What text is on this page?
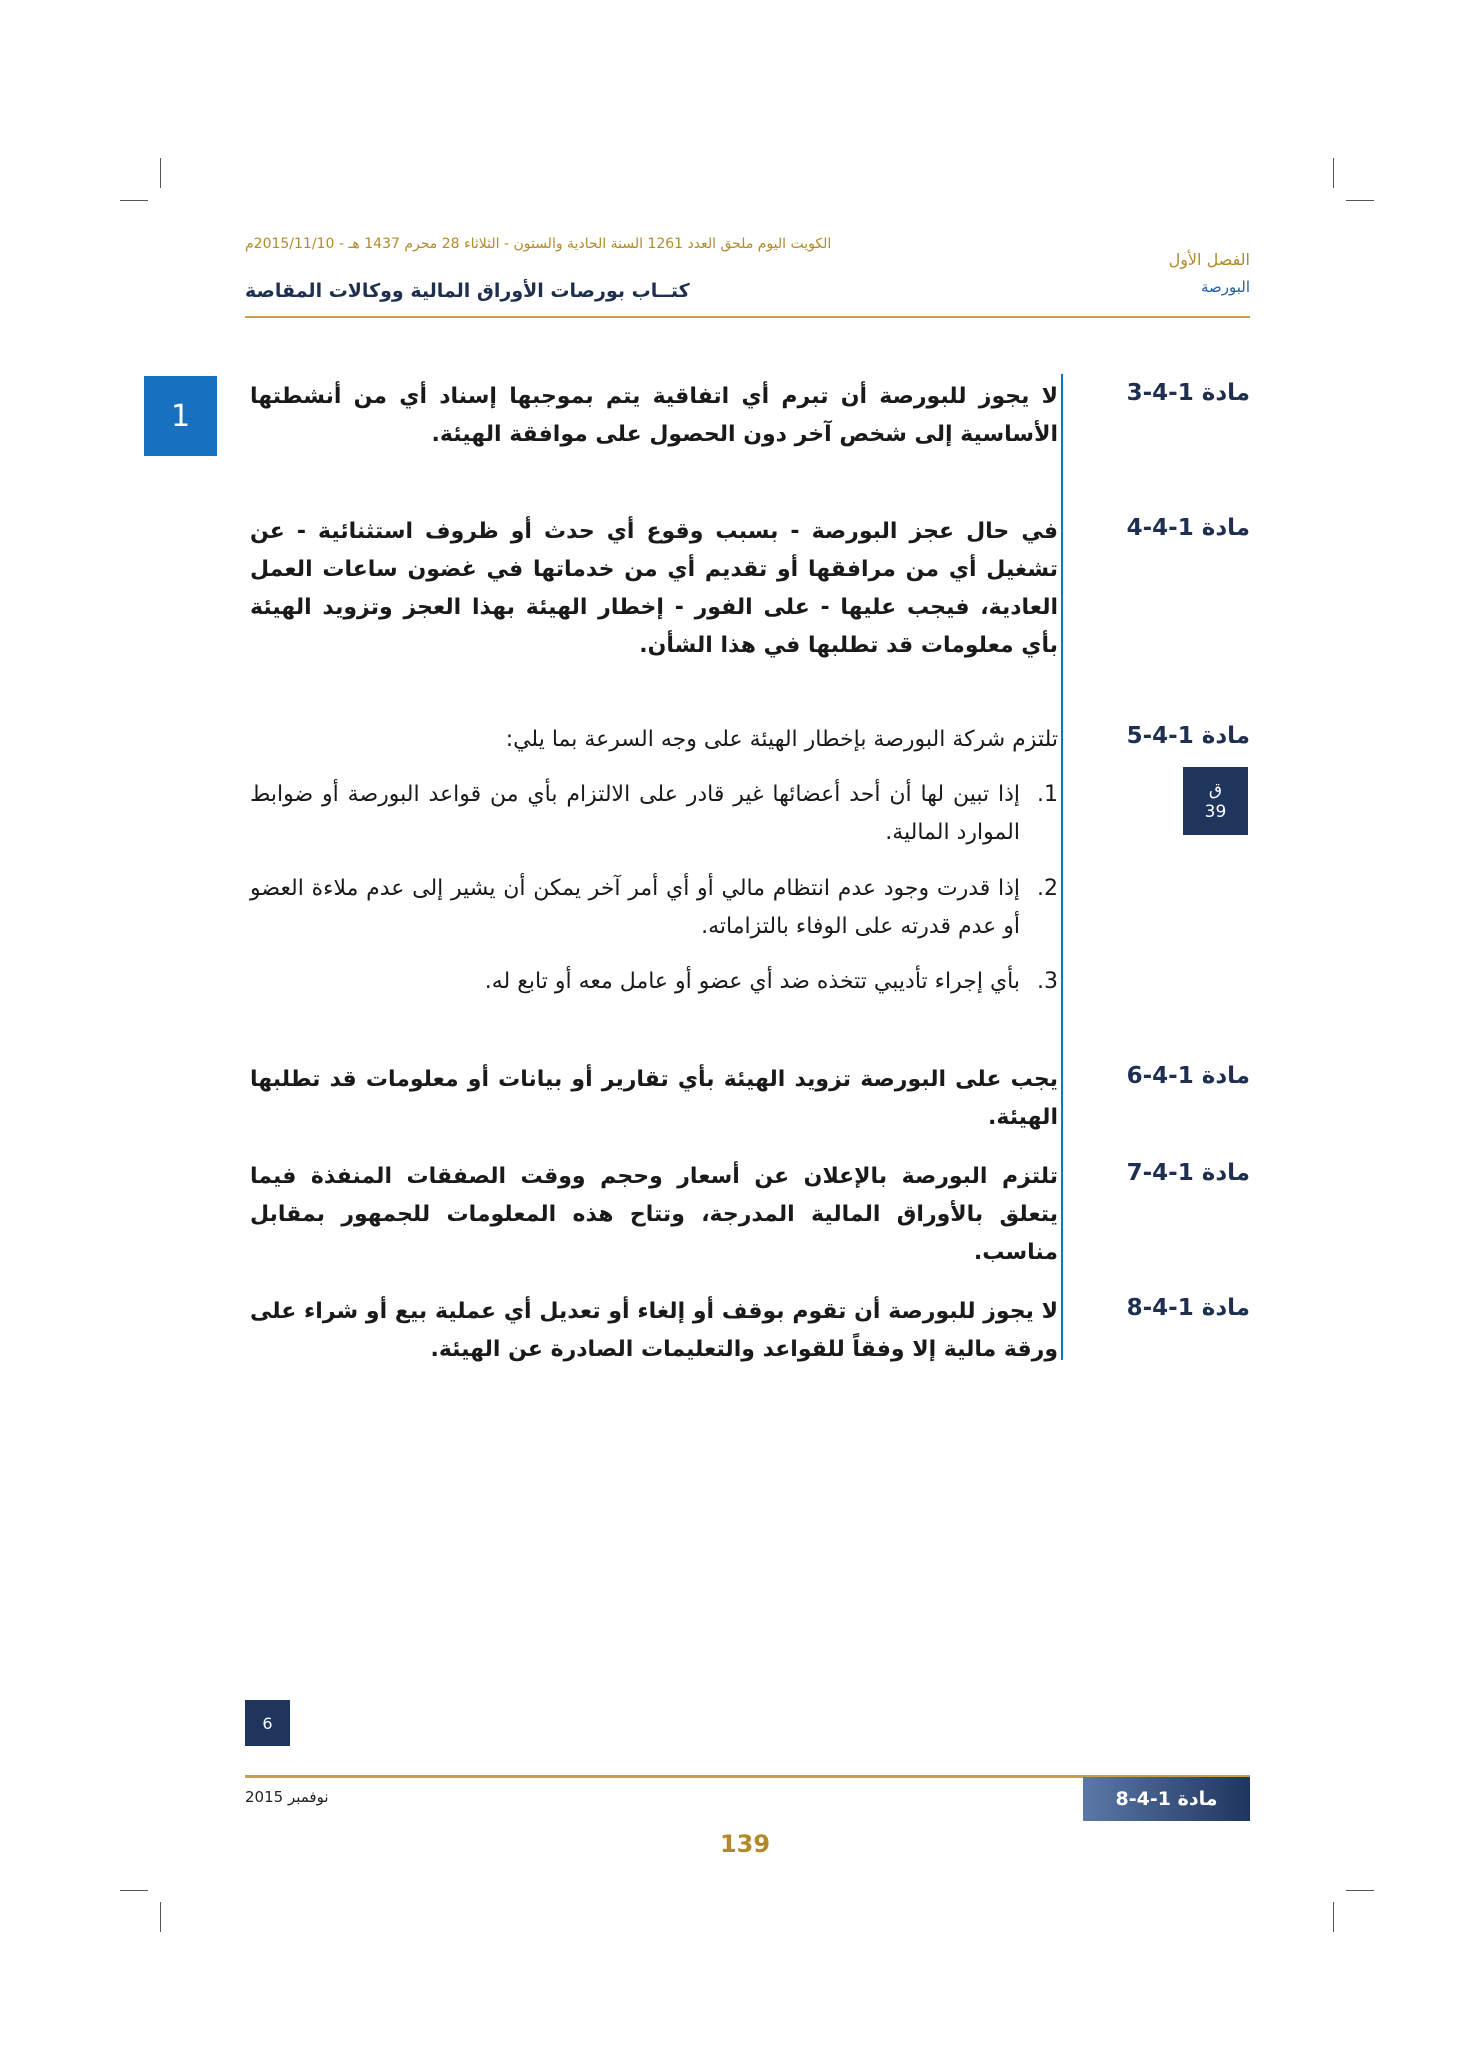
الكويت اليوم ملحق العدد 1261 السنة الحادية والستون - الثلاثاء 28 محرم 1437 هـ - 2015/11/10م
الفصل الأول
البورصة
كتــاب بورصات الأوراق المالية ووكالات المقاصة
1
مادة 1-4-3
لا يجوز للبورصة أن تبرم أي اتفاقية يتم بموجبها إسناد أي من أنشطتها الأساسية إلى شخص آخر دون الحصول على موافقة الهيئة.
مادة 1-4-4
في حال عجز البورصة - بسبب وقوع أي حدث أو ظروف استثنائية - عن تشغيل أي من مرافقها أو تقديم أي من خدماتها في غضون ساعات العمل العادية، فيجب عليها - على الفور - إخطار الهيئة بهذا العجز وتزويد الهيئة بأي معلومات قد تطلبها في هذا الشأن.
مادة 1-4-5
تلتزم شركة البورصة بإخطار الهيئة على وجه السرعة بما يلي:
1.
إذا تبين لها أن أحد أعضائها غير قادر على الالتزام بأي من قواعد البورصة أو ضوابط الموارد المالية.
2.
إذا قدرت وجود عدم انتظام مالي أو أي أمر آخر يمكن أن يشير إلى عدم ملاءة العضو أو عدم قدرته على الوفاء بالتزاماته.
3.
بأي إجراء تأديبي تتخذه ضد أي عضو أو عامل معه أو تابع له.
ق
39
مادة 1-4-6
يجب على البورصة تزويد الهيئة بأي تقارير أو بيانات أو معلومات قد تطلبها الهيئة.
مادة 1-4-7
تلتزم البورصة بالإعلان عن أسعار وحجم ووقت الصفقات المنفذة فيما يتعلق بالأوراق المالية المدرجة، وتتاح هذه المعلومات للجمهور بمقابل مناسب.
مادة 1-4-8
لا يجوز للبورصة أن تقوم بوقف أو إلغاء أو تعديل أي عملية بيع أو شراء على ورقة مالية إلا وفقاً للقواعد والتعليمات الصادرة عن الهيئة.
6
نوفمبر 2015	مادة 1-4-8
139
